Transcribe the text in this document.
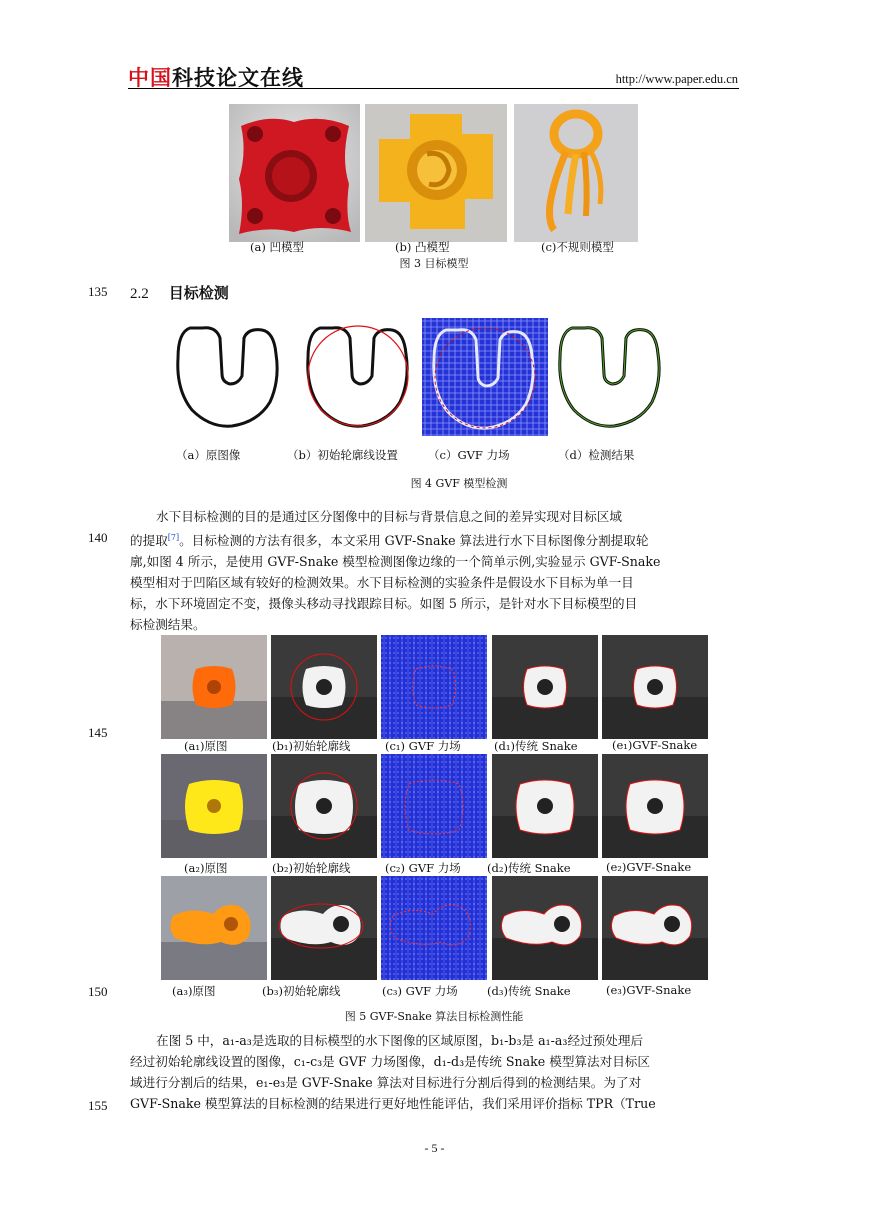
中国科技论文在线	http://www.paper.edu.cn
(a) 凹模型	(b) 凸模型	(c)不规则模型
图 3 目标模型
135 2.2 目标检测
（a）原图像	（b）初始轮廓线设置	（c）GVF 力场	（d）检测结果
图 4 GVF 模型检测
140

水下目标检测的目的是通过区分图像中的目标与背景信息之间的差异实现对目标区域

的提取[7]。目标检测的方法有很多，本文采用 GVF-Snake 算法进行水下目标图像分割提取轮
廓,如图 4 所示，是使用 GVF-Snake 模型检测图像边缘的一个简单示例,实验显示 GVF-Snake
模型相对于凹陷区域有较好的检测效果。水下目标检测的实验条件是假设水下目标为单一目
标，水下环境固定不变，摄像头移动寻找跟踪目标。如图 5 所示，是针对水下目标模型的目
标检测结果。
145
150
(a₁)原图	(b₁)初始轮廓线	(c₁) GVF 力场	(d₁)传统 Snake	(e₁)GVF-Snake
(a₂)原图	(b₂)初始轮廓线	(c₂) GVF 力场 (d₂)传统 Snake	(e₂)GVF-Snake
(a₃)原图	(b₃)初始轮廓线	(c₃) GVF 力场	(d₃)传统 Snake	(e₃)GVF-Snake
图 5 GVF-Snake 算法目标检测性能
155

在图 5 中，a₁-a₃是选取的目标模型的水下图像的区域原图，b₁-b₃是 a₁-a₃经过预处理后

经过初始轮廓线设置的图像，c₁-c₃是 GVF 力场图像，d₁-d₃是传统 Snake 模型算法对目标区
域进行分割后的结果，e₁-e₃是 GVF-Snake 算法对目标进行分割后得到的检测结果。为了对
GVF-Snake 模型算法的目标检测的结果进行更好地性能评估，我们采用评价指标 TPR（True
- 5 -
